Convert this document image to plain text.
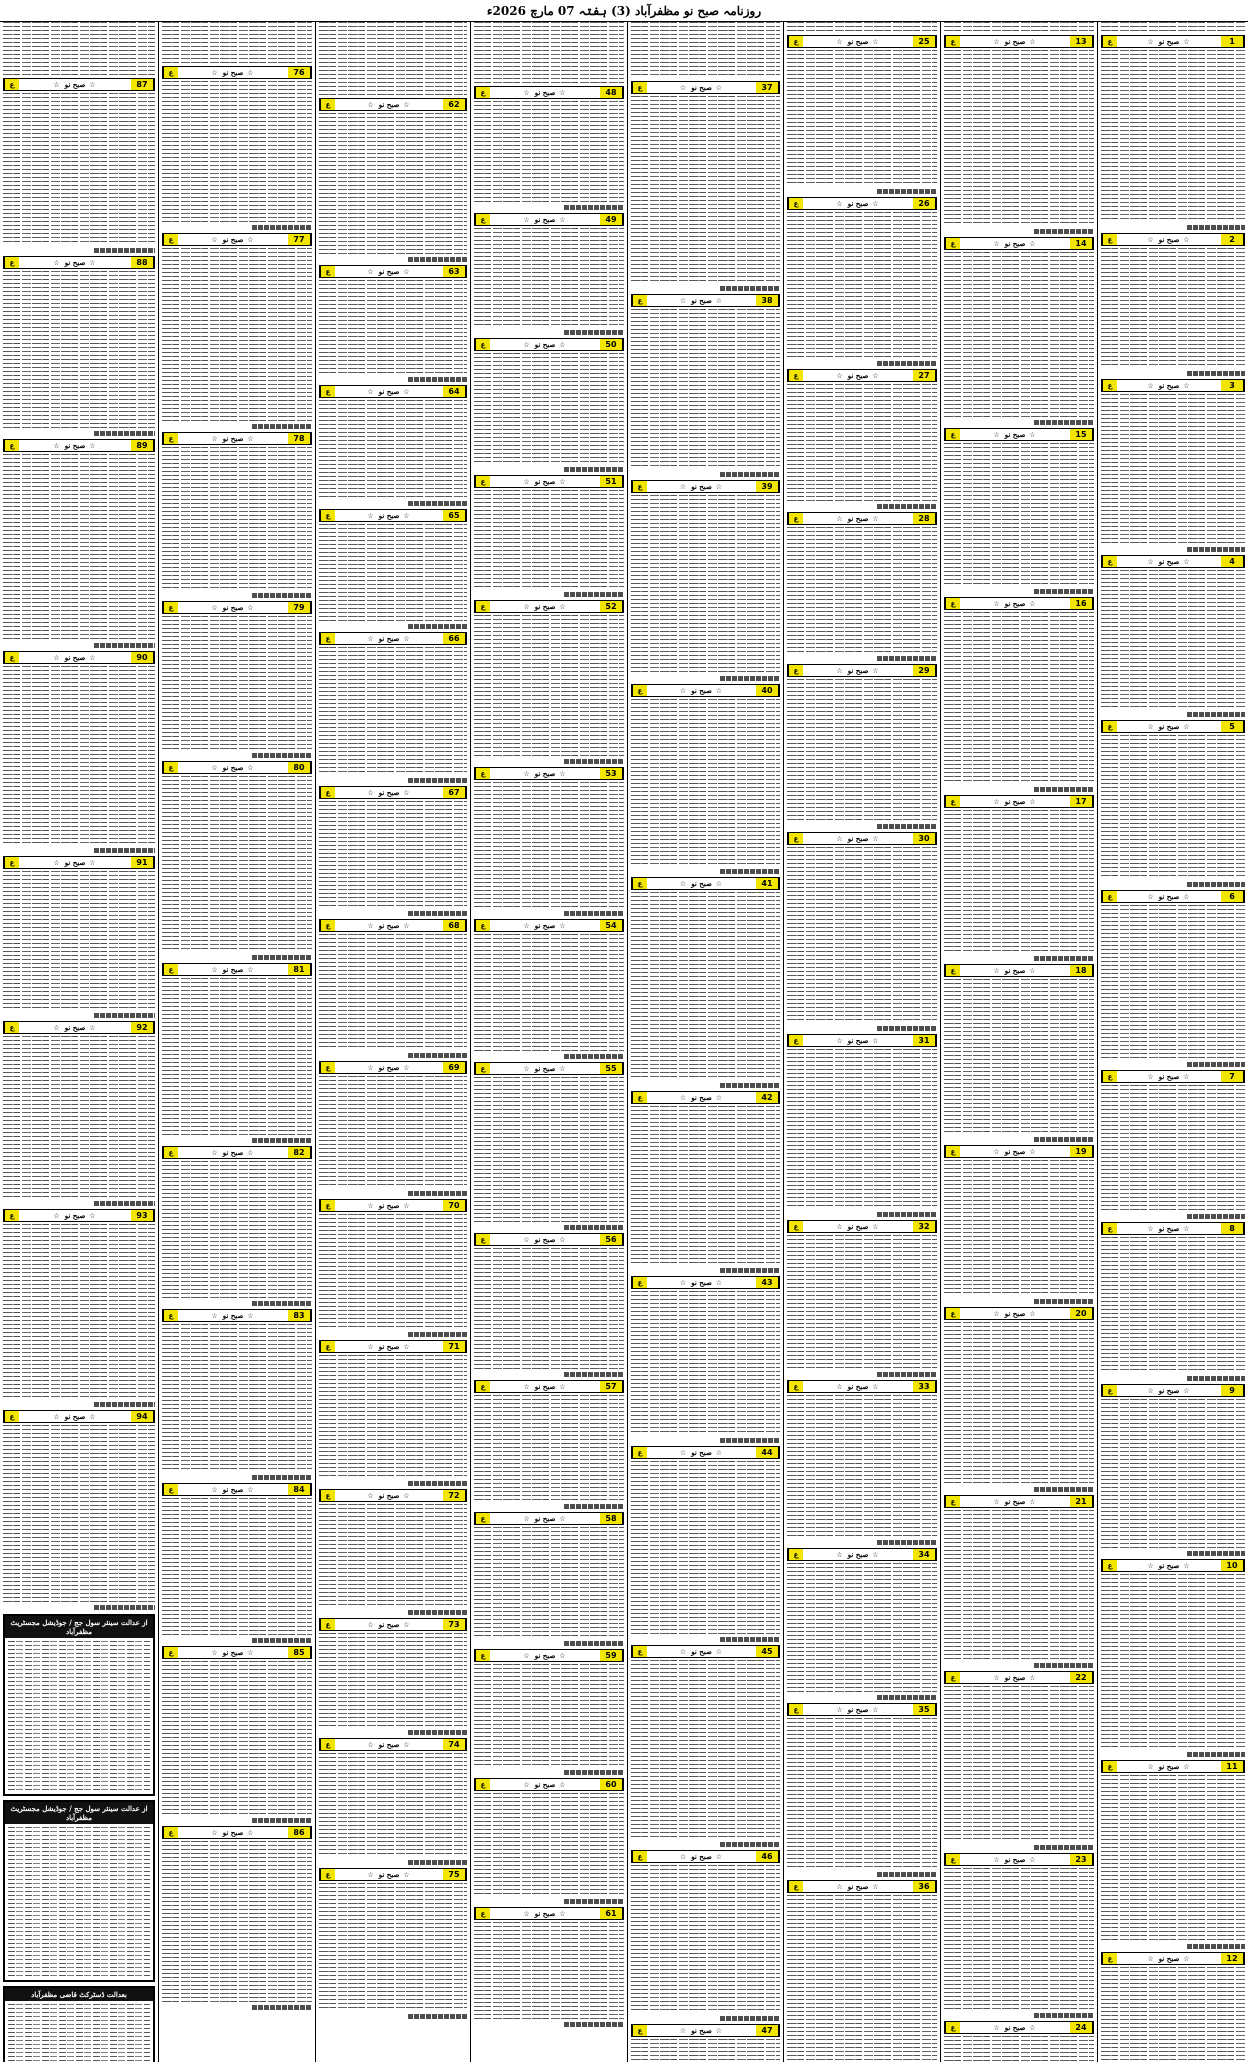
روزنامہ صبح نو مظفرآباد (3) ہفتہ 07 مارچ 2026ء
ع	☆ صبح نو ☆	1
ع	☆ صبح نو ☆	2
ع	☆ صبح نو ☆	3
ع	☆ صبح نو ☆	4
ع	☆ صبح نو ☆	5
ع	☆ صبح نو ☆	6
ع	☆ صبح نو ☆	7
ع	☆ صبح نو ☆	8
ع	☆ صبح نو ☆	9
ع	☆ صبح نو ☆	10
ع	☆ صبح نو ☆	11
ع	☆ صبح نو ☆	12
ع	☆ صبح نو ☆	13
ع	☆ صبح نو ☆	14
ع	☆ صبح نو ☆	15
ع	☆ صبح نو ☆	16
ع	☆ صبح نو ☆	17
ع	☆ صبح نو ☆	18
ع	☆ صبح نو ☆	19
ع	☆ صبح نو ☆	20
ع	☆ صبح نو ☆	21
ع	☆ صبح نو ☆	22
ع	☆ صبح نو ☆	23
ع	☆ صبح نو ☆	24
ع	☆ صبح نو ☆	25
ع	☆ صبح نو ☆	26
ع	☆ صبح نو ☆	27
ع	☆ صبح نو ☆	28
ع	☆ صبح نو ☆	29
ع	☆ صبح نو ☆	30
ع	☆ صبح نو ☆	31
ع	☆ صبح نو ☆	32
ع	☆ صبح نو ☆	33
ع	☆ صبح نو ☆	34
ع	☆ صبح نو ☆	35
ع	☆ صبح نو ☆	36
ع	☆ صبح نو ☆	37
ع	☆ صبح نو ☆	38
ع	☆ صبح نو ☆	39
ع	☆ صبح نو ☆	40
ع	☆ صبح نو ☆	41
ع	☆ صبح نو ☆	42
ع	☆ صبح نو ☆	43
ع	☆ صبح نو ☆	44
ع	☆ صبح نو ☆	45
ع	☆ صبح نو ☆	46
ع	☆ صبح نو ☆	47
ع	☆ صبح نو ☆	48
ع	☆ صبح نو ☆	49
ع	☆ صبح نو ☆	50
ع	☆ صبح نو ☆	51
ع	☆ صبح نو ☆	52
ع	☆ صبح نو ☆	53
ع	☆ صبح نو ☆	54
ع	☆ صبح نو ☆	55
ع	☆ صبح نو ☆	56
ع	☆ صبح نو ☆	57
ع	☆ صبح نو ☆	58
ع	☆ صبح نو ☆	59
ع	☆ صبح نو ☆	60
ع	☆ صبح نو ☆	61
ع	☆ صبح نو ☆	62
ع	☆ صبح نو ☆	63
ع	☆ صبح نو ☆	64
ع	☆ صبح نو ☆	65
ع	☆ صبح نو ☆	66
ع	☆ صبح نو ☆	67
ع	☆ صبح نو ☆	68
ع	☆ صبح نو ☆	69
ع	☆ صبح نو ☆	70
ع	☆ صبح نو ☆	71
ع	☆ صبح نو ☆	72
ع	☆ صبح نو ☆	73
ع	☆ صبح نو ☆	74
ع	☆ صبح نو ☆	75
ع	☆ صبح نو ☆	76
ع	☆ صبح نو ☆	77
ع	☆ صبح نو ☆	78
ع	☆ صبح نو ☆	79
ع	☆ صبح نو ☆	80
ع	☆ صبح نو ☆	81
ع	☆ صبح نو ☆	82
ع	☆ صبح نو ☆	83
ع	☆ صبح نو ☆	84
ع	☆ صبح نو ☆	85
ع	☆ صبح نو ☆	86
ع	☆ صبح نو ☆	87
ع	☆ صبح نو ☆	88
ع	☆ صبح نو ☆	89
ع	☆ صبح نو ☆	90
ع	☆ صبح نو ☆	91
ع	☆ صبح نو ☆	92
ع	☆ صبح نو ☆	93
ع	☆ صبح نو ☆	94
از عدالت سینئر سول جج / جوڈیشل مجسٹریٹ مظفرآباد
از عدالت سینئر سول جج / جوڈیشل مجسٹریٹ مظفرآباد
بعدالت ڈسٹرکٹ قاضی مظفرآباد
